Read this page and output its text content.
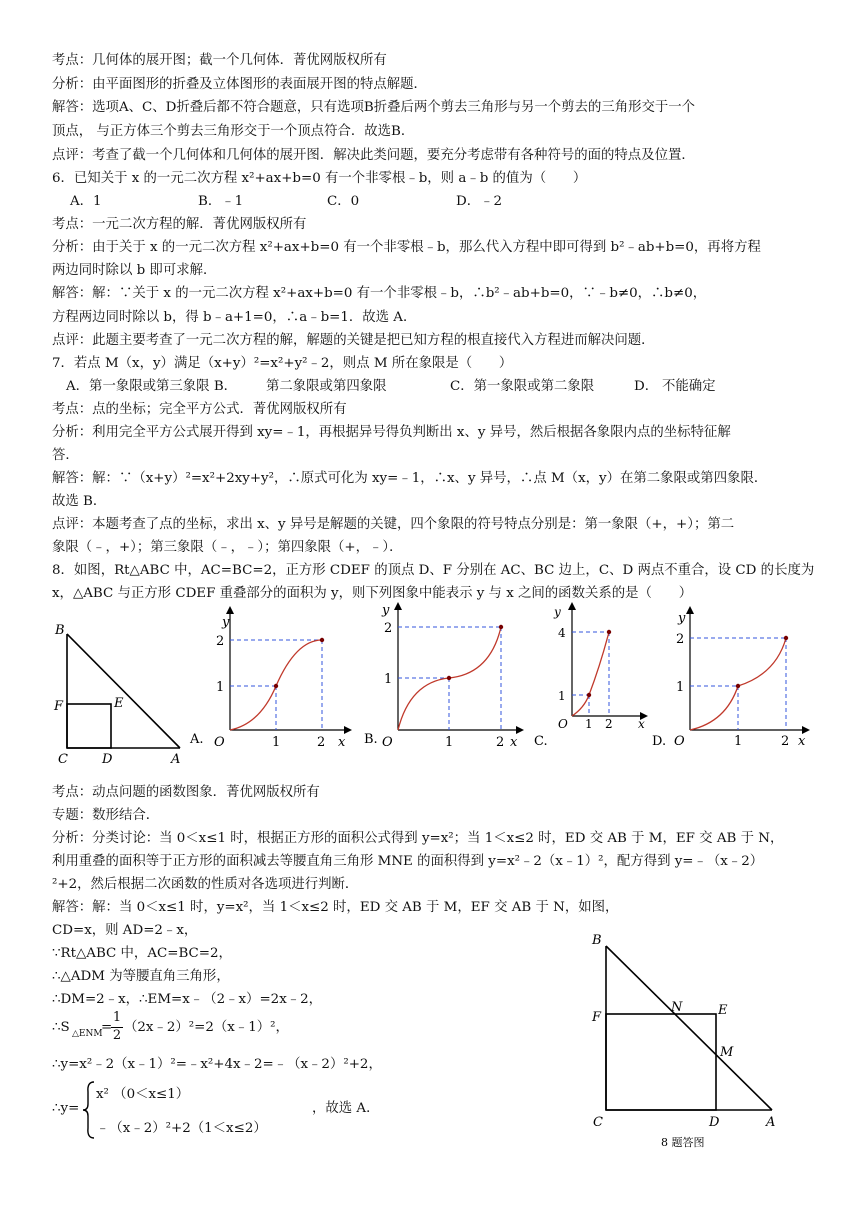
考点：几何体的展开图；截一个几何体．菁优网版权所有
分析：由平面图形的折叠及立体图形的表面展开图的特点解题．
解答：选项A、C、D折叠后都不符合题意，只有选项B折叠后两个剪去三角形与另一个剪去的三角形交于一个
顶点， 与正方体三个剪去三角形交于一个顶点符合．故选B．
点评：考查了截一个几何体和几何体的展开图．解决此类问题，要充分考虑带有各种符号的面的特点及位置．
6．已知关于 x 的一元二次方程 x²+ax+b=0 有一个非零根﹣b，则 a﹣b 的值为（　　）
A．1	B．﹣1	C．0	D．﹣2
考点：一元二次方程的解．菁优网版权所有
分析：由于关于 x 的一元二次方程 x²+ax+b=0 有一个非零根﹣b，那么代入方程中即可得到 b²﹣ab+b=0，再将方程
两边同时除以 b 即可求解．
解答：解：∵关于 x 的一元二次方程 x²+ax+b=0 有一个非零根﹣b，∴b²﹣ab+b=0，∵﹣b≠0，∴b≠0，
方程两边同时除以 b，得 b﹣a+1=0，∴a﹣b=1．故选 A．
点评：此题主要考查了一元二次方程的解，解题的关键是把已知方程的根直接代入方程进而解决问题．
7．若点 M（x，y）满足（x+y）²=x²+y²﹣2，则点 M 所在象限是（　　）
A．第一象限或第三象限 B． 第二象限或第四象限	C．第一象限或第二象限	D． 不能确定
考点：点的坐标；完全平方公式．菁优网版权所有
分析：利用完全平方公式展开得到 xy=﹣1，再根据异号得负判断出 x、y 异号，然后根据各象限内点的坐标特征解
答．
解答：解：∵（x+y）²=x²+2xy+y²，∴原式可化为 xy=﹣1，∴x、y 异号，∴点 M（x，y）在第二象限或第四象限．
故选 B．
点评：本题考查了点的坐标，求出 x、y 异号是解题的关键，四个象限的符号特点分别是：第一象限（+，+）；第二
象限（﹣，+）；第三象限（﹣，﹣）；第四象限（+，﹣）．
8．如图，Rt△ABC 中，AC=BC=2，正方形 CDEF 的顶点 D、F 分别在 AC、BC 边上，C、D 两点不重合，设 CD 的长度为
x，△ABC 与正方形 CDEF 重叠部分的面积为 y，则下列图象中能表示 y 与 x 之间的函数关系的是（　　）
B
F	E
C	D	A
A.
2
1
1	2
O	x
y
B.
2
1
1	2
O	x
y
C.
4
1
1 2
O	x
y
D.
2
1
1	2
O	x
y
考点：动点问题的函数图象．菁优网版权所有
专题：数形结合．
分析：分类讨论：当 0＜x≤1 时，根据正方形的面积公式得到 y=x²；当 1＜x≤2 时，ED 交 AB 于 M，EF 交 AB 于 N，
利用重叠的面积等于正方形的面积减去等腰直角三角形 MNE 的面积得到 y=x²﹣2（x﹣1）²，配方得到 y=﹣（x﹣2）
²+2，然后根据二次函数的性质对各选项进行判断．
解答：解：当 0＜x≤1 时，y=x²，当 1＜x≤2 时，ED 交 AB 于 M，EF 交 AB 于 N，如图，
CD=x，则 AD=2﹣x，
∵Rt△ABC 中，AC=BC=2，
∴△ADM 为等腰直角三角形，
∴DM=2﹣x，∴EM=x﹣（2﹣x）=2x﹣2，
∴S △ENM
=
1
2
（2x﹣2）²=2（x﹣1）²，
∴y=x²﹣2（x﹣1）²=﹣x²+4x﹣2=﹣（x﹣2）²+2，
∴y=
x² （0＜x≤1）
﹣（x﹣2）²+2（1＜x≤2）
，故选 A．
B
N	E
F
M
C	D	A
8 题答图
